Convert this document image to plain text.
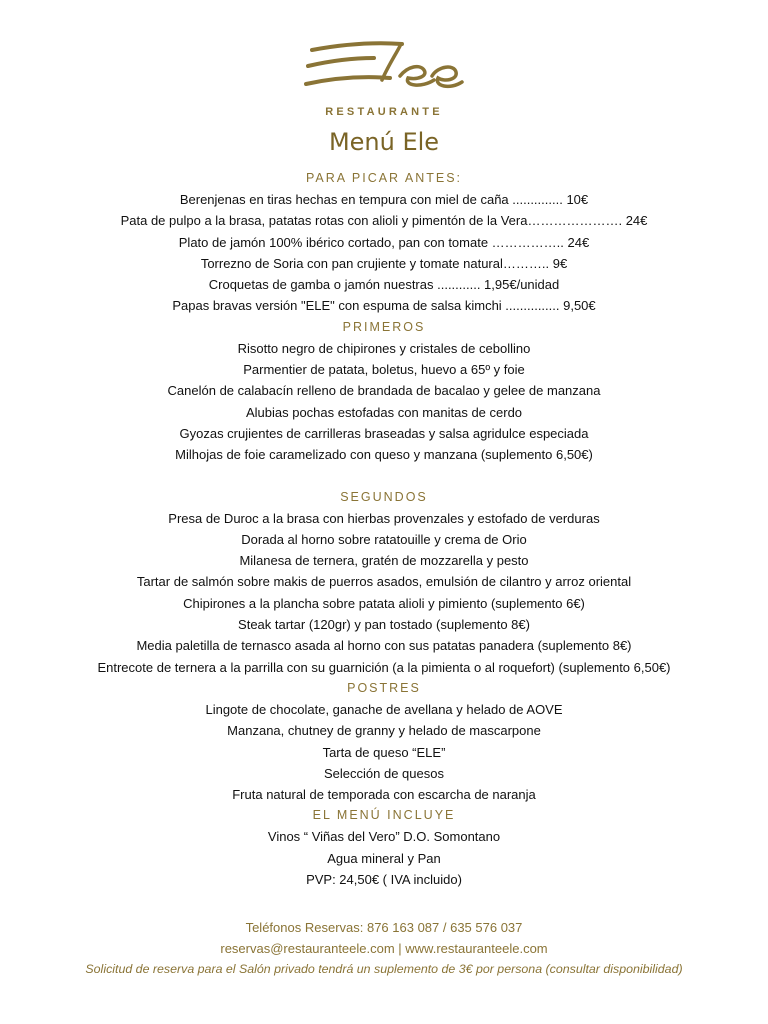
RESTAURANTE
Menú Ele
PARA PICAR ANTES:
Berenjenas en tiras hechas en tempura con miel de caña .............. 10€
Pata de pulpo a la brasa, patatas rotas con alioli y pimentón de la Vera…………………. 24€
Plato de jamón 100% ibérico cortado, pan con tomate …………….. 24€
Torrezno de Soria con pan crujiente y tomate natural……….. 9€
Croquetas de gamba o jamón nuestras ............ 1,95€/unidad
Papas bravas versión "ELE" con espuma de salsa kimchi ............... 9,50€
PRIMEROS
Risotto negro de chipirones y cristales de cebollino
Parmentier de patata, boletus, huevo a 65º y foie
Canelón de calabacín relleno de brandada de bacalao y gelee de manzana
Alubias pochas estofadas con manitas de cerdo
Gyozas crujientes de carrilleras braseadas y salsa agridulce especiada
Milhojas de foie caramelizado con queso y manzana (suplemento 6,50€)
SEGUNDOS
Presa de Duroc a la brasa con hierbas provenzales y estofado de verduras
Dorada al horno sobre ratatouille y crema de Orio
Milanesa de ternera, gratén de mozzarella y pesto
Tartar de salmón sobre makis de puerros asados, emulsión de cilantro y arroz oriental
Chipirones a la plancha sobre patata alioli y pimiento (suplemento 6€)
Steak tartar (120gr) y pan tostado (suplemento 8€)
Media paletilla de ternasco asada al horno con sus patatas panadera (suplemento 8€)
Entrecote de ternera a la parrilla con su guarnición (a la pimienta o al roquefort) (suplemento 6,50€)
POSTRES
Lingote de chocolate, ganache de avellana y helado de AOVE
Manzana, chutney de granny y helado de mascarpone
Tarta de queso “ELE”
Selección de quesos
Fruta natural de temporada con escarcha de naranja
EL MENÚ INCLUYE
Vinos “ Viñas del Vero” D.O. Somontano
Agua mineral y Pan
PVP: 24,50€ ( IVA incluido)
Teléfonos Reservas: 876 163 087 / 635 576 037
reservas@restauranteele.com | www.restauranteele.com
Solicitud de reserva para el Salón privado tendrá un suplemento de 3€ por persona (consultar disponibilidad)
